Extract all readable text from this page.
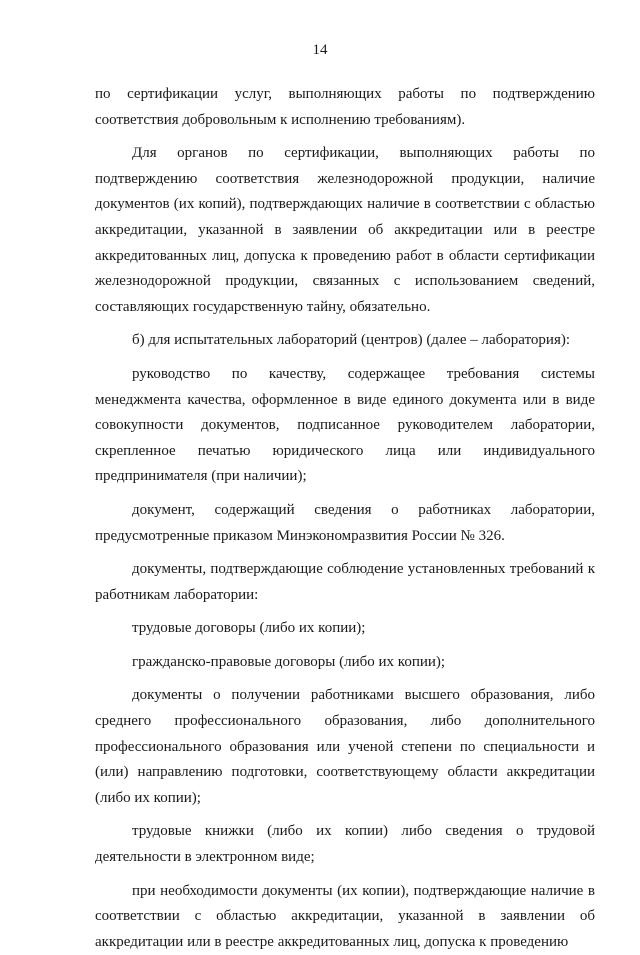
14

по сертификации услуг, выполняющих работы по подтверждению соответствия добровольным к исполнению требованиям).

Для органов по сертификации, выполняющих работы по подтверждению соответствия железнодорожной продукции, наличие документов (их копий), подтверждающих наличие в соответствии с областью аккредитации, указанной в заявлении об аккредитации или в реестре аккредитованных лиц, допуска к проведению работ в области сертификации железнодорожной продукции, связанных с использованием сведений, составляющих государственную тайну, обязательно.

б) для испытательных лабораторий (центров) (далее – лаборатория):

руководство по качеству, содержащее требования системы менеджмента качества, оформленное в виде единого документа или в виде совокупности документов, подписанное руководителем лаборатории, скрепленное печатью юридического лица или индивидуального предпринимателя (при наличии);

документ, содержащий сведения о работниках лаборатории, предусмотренные приказом Минэкономразвития России № 326.

документы, подтверждающие соблюдение установленных требований к работникам лаборатории:

трудовые договоры (либо их копии);

гражданско-правовые договоры (либо их копии);

документы о получении работниками высшего образования, либо среднего профессионального образования, либо дополнительного профессионального образования или ученой степени по специальности и (или) направлению подготовки, соответствующему области аккредитации (либо их копии);

трудовые книжки (либо их копии) либо сведения о трудовой деятельности в электронном виде;

при необходимости документы (их копии), подтверждающие наличие в соответствии с областью аккредитации, указанной в заявлении об аккредитации или в реестре аккредитованных лиц, допуска к проведению
